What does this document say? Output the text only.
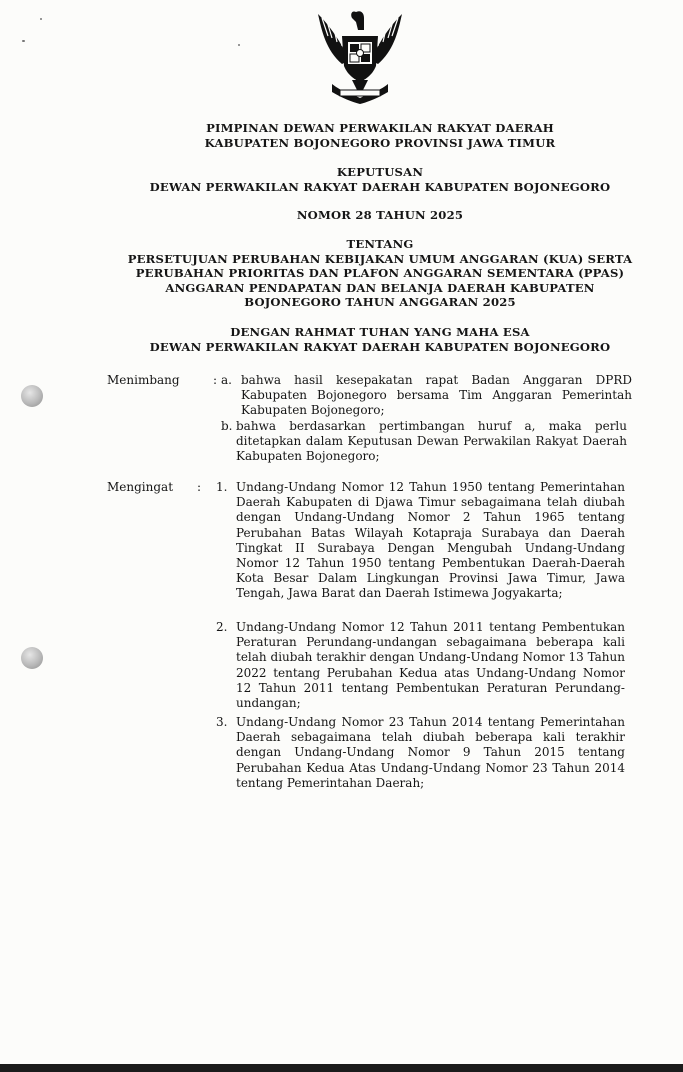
PIMPINAN DEWAN PERWAKILAN RAKYAT DAERAH
KABUPATEN BOJONEGORO PROVINSI JAWA TIMUR
KEPUTUSAN
DEWAN PERWAKILAN RAKYAT DAERAH KABUPATEN BOJONEGORO
NOMOR 28 TAHUN 2025
TENTANG
PERSETUJUAN PERUBAHAN KEBIJAKAN UMUM ANGGARAN (KUA) SERTA
PERUBAHAN PRIORITAS DAN PLAFON ANGGARAN SEMENTARA (PPAS)
ANGGARAN PENDAPATAN DAN BELANJA DAERAH KABUPATEN
BOJONEGORO TAHUN ANGGARAN 2025
DENGAN RAHMAT TUHAN YANG MAHA ESA
DEWAN PERWAKILAN RAKYAT DAERAH KABUPATEN BOJONEGORO
Menimbang	: a. bahwa hasil kesepakatan rapat Badan Anggaran DPRD Kabupaten Bojonegoro bersama Tim Anggaran Pemerintah Kabupaten Bojonegoro;
b. bahwa berdasarkan pertimbangan huruf a, maka perlu ditetapkan dalam Keputusan Dewan Perwakilan Rakyat Daerah Kabupaten Bojonegoro;
Mengingat : 1. Undang-Undang Nomor 12 Tahun 1950 tentang Pemerintahan Daerah Kabupaten di Djawa Timur sebagaimana telah diubah dengan Undang-Undang Nomor 2 Tahun 1965 tentang Perubahan Batas Wilayah Kotapraja Surabaya dan Daerah Tingkat II Surabaya Dengan Mengubah Undang-Undang Nomor 12 Tahun 1950 tentang Pembentukan Daerah-Daerah Kota Besar Dalam Lingkungan Provinsi Jawa Timur, Jawa Tengah, Jawa Barat dan Daerah Istimewa Jogyakarta;
2. Undang-Undang Nomor 12 Tahun 2011 tentang Pembentukan Peraturan Perundang-undangan sebagaimana beberapa kali telah diubah terakhir dengan Undang-Undang Nomor 13 Tahun 2022 tentang Perubahan Kedua atas Undang-Undang Nomor 12 Tahun 2011 tentang Pembentukan Peraturan Perundang-undangan;
3. Undang-Undang Nomor 23 Tahun 2014 tentang Pemerintahan Daerah sebagaimana telah diubah beberapa kali terakhir dengan Undang-Undang Nomor 9 Tahun 2015 tentang Perubahan Kedua Atas Undang-Undang Nomor 23 Tahun 2014 tentang Pemerintahan Daerah;
